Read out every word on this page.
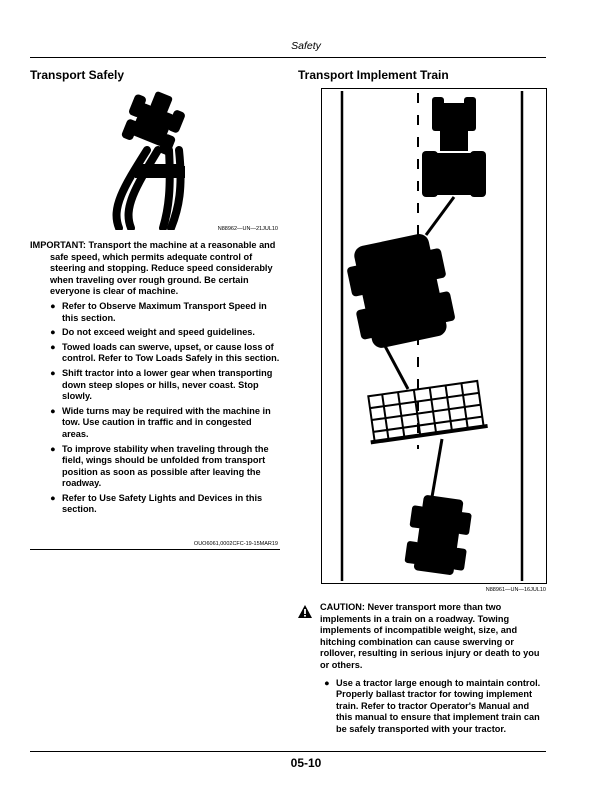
Safety
Transport Safely
N88962—UN—21JUL10

IMPORTANT: Transport the machine at a reasonable and safe speed, which permits adequate control of steering and stopping. Reduce speed considerably when traveling over rough ground. Be certain everyone is clear of machine.

● Refer to Observe Maximum Transport Speed in this section.
● Do not exceed weight and speed guidelines.
● Towed loads can swerve, upset, or cause loss of control. Refer to Tow Loads Safely in this section.
● Shift tractor into a lower gear when transporting down steep slopes or hills, never coast. Stop slowly.
● Wide turns may be required with the machine in tow. Use caution in traffic and in congested areas.
● To improve stability when traveling through the field, wings should be unfolded from transport position as soon as possible after leaving the roadway.
● Refer to Use Safety Lights and Devices in this section.
OUO6061,0002CFC-19-15MAR19
Transport Implement Train
N88961—UN—16JUL10

CAUTION: Never transport more than two implements in a train on a roadway. Towing implements of incompatible weight, size, and hitching combination can cause swerving or rollover, resulting in serious injury or death to you or others.

● Use a tractor large enough to maintain control. Properly ballast tractor for towing implement train. Refer to tractor Operator's Manual and this manual to ensure that implement train can be safely transported with your tractor.
05-10
